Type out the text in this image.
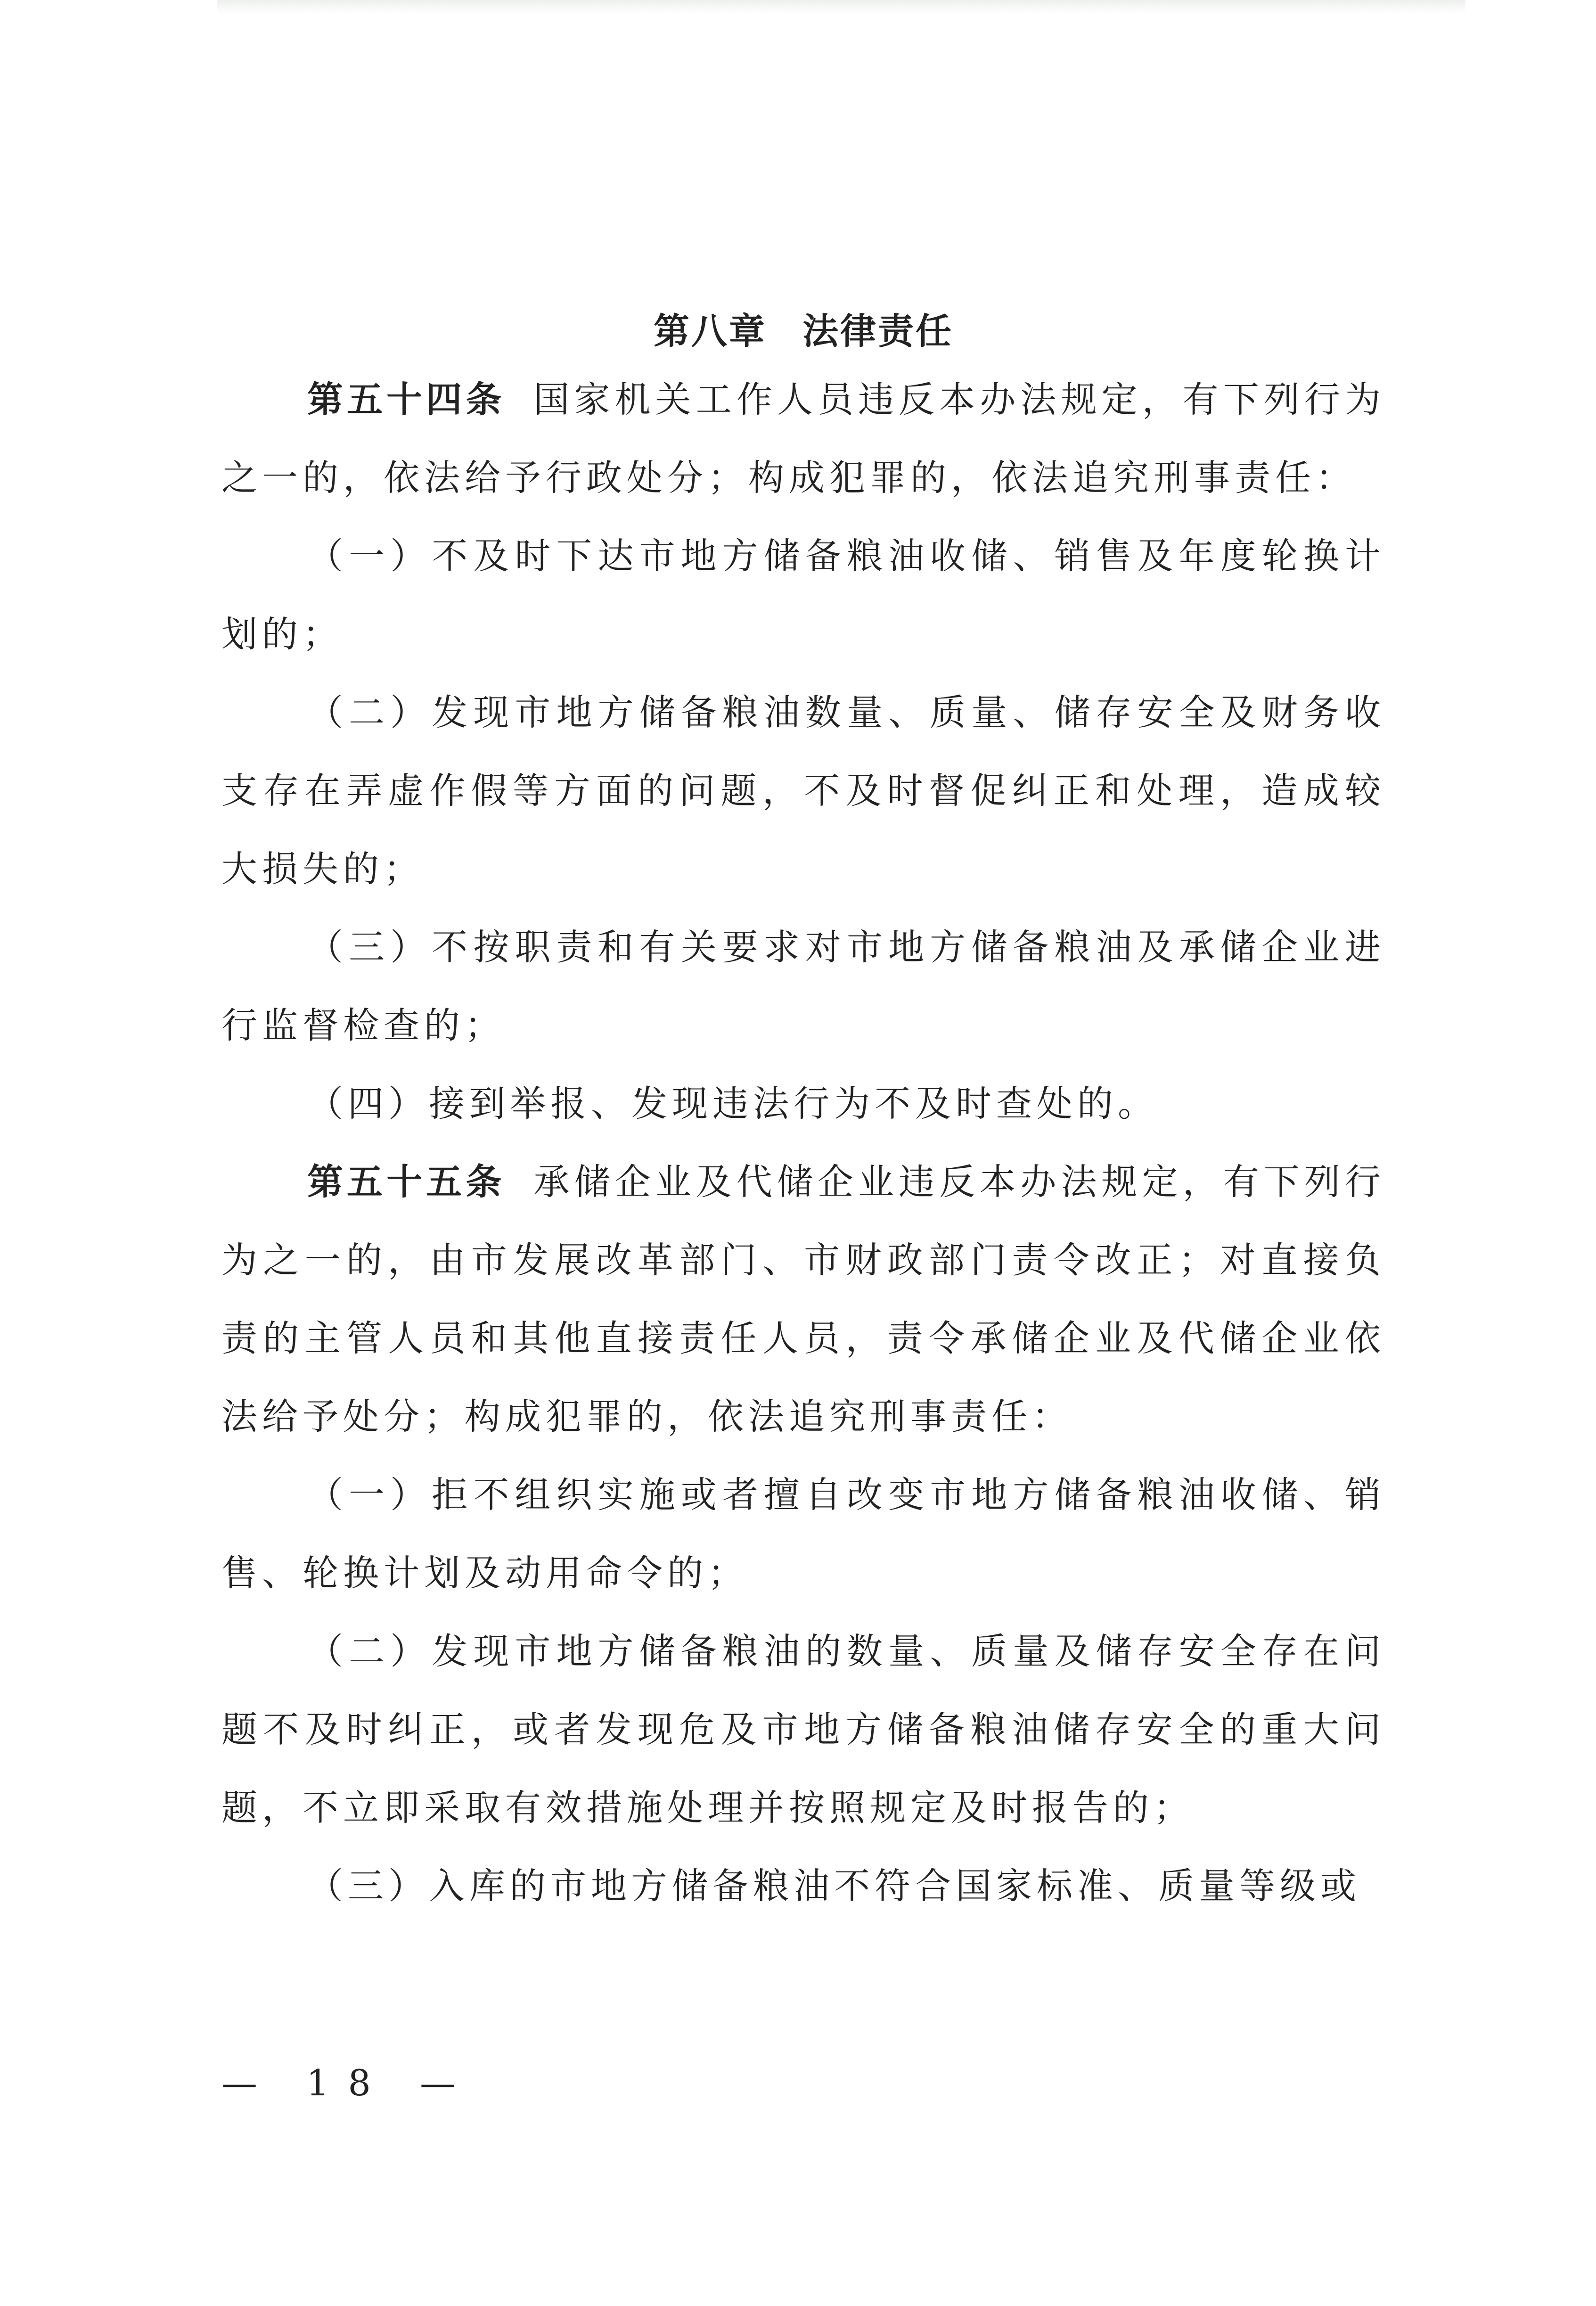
第八章 法律责任

第五十四条 国家机关工作人员违反本办法规定，有下列行为之一的，依法给予行政处分；构成犯罪的，依法追究刑事责任：

（一）不及时下达市地方储备粮油收储、销售及年度轮换计划的；

（二）发现市地方储备粮油数量、质量、储存安全及财务收支存在弄虚作假等方面的问题，不及时督促纠正和处理，造成较大损失的；

（三）不按职责和有关要求对市地方储备粮油及承储企业进行监督检查的；

（四）接到举报、发现违法行为不及时查处的。

第五十五条 承储企业及代储企业违反本办法规定，有下列行为之一的，由市发展改革部门、市财政部门责令改正；对直接负责的主管人员和其他直接责任人员，责令承储企业及代储企业依法给予处分；构成犯罪的，依法追究刑事责任：

（一）拒不组织实施或者擅自改变市地方储备粮油收储、销售、轮换计划及动用命令的；

（二）发现市地方储备粮油的数量、质量及储存安全存在问题不及时纠正，或者发现危及市地方储备粮油储存安全的重大问题，不立即采取有效措施处理并按照规定及时报告的；

（三）入库的市地方储备粮油不符合国家标准、质量等级或

— 18 —
